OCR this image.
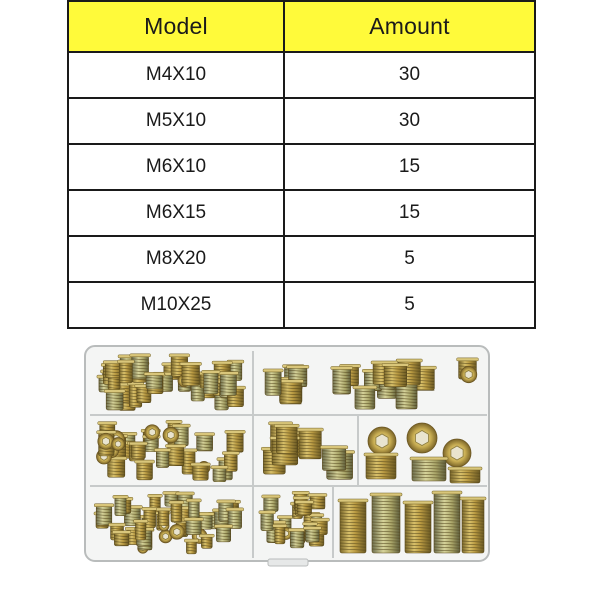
Model	Amount
M4X10	30
M5X10	30
M6X10	15
M6X15	15
M8X20	5
M10X25	5
